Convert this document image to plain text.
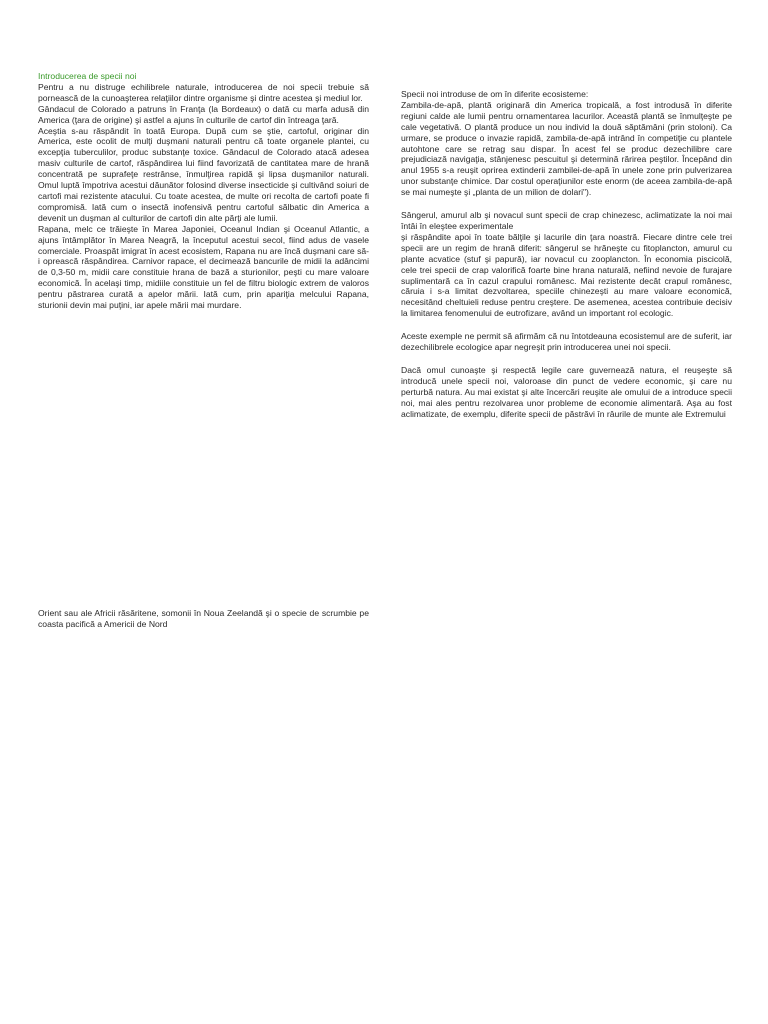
Introducerea de specii noi

Pentru a nu distruge echilibrele naturale, introducerea de noi specii trebuie să pornească de la cunoaşterea relaţiilor dintre organisme şi dintre acestea şi mediul lor.

Gândacul de Colorado a patruns în Franţa (la Bordeaux) o dată cu marfa adusă din America (ţara de origine) şi astfel a ajuns în culturile de cartof din întreaga ţară.

Aceştia s-au răspândit în toată Europa. După cum se ştie, cartoful, originar din America, este ocolit de mulţi duşmani naturali pentru că toate organele plantei, cu excepţia tuberculilor, produc substanţe toxice. Gândacul de Colorado atacă adesea masiv culturile de cartof, răspândirea lui fiind favorizată de cantitatea mare de hrană concentrată pe suprafeţe restrânse, înmulţirea rapidă şi lipsa duşmanilor naturali. Omul luptă împotriva acestui dăunător folosind diverse insecticide şi cultivând soiuri de cartofi mai rezistente atacului. Cu toate acestea, de multe ori recolta de cartofi poate fi compromisă. Iată cum o insectă inofensivă pentru cartoful sălbatic din America a devenit un duşman al culturilor de cartofi din alte părţi ale lumii.

Rapana, melc ce trăieşte în Marea Japoniei, Oceanul Indian şi Oceanul Atlantic, a ajuns întâmplător în Marea Neagră, la începutul acestui secol, fiind adus de vasele comerciale. Proaspăt imigrat în acest ecosistem, Rapana nu are încă duşmani care să-i oprească răspândirea. Carnivor rapace, el decimează bancurile de midii la adâncimi de 0,3-50 m, midii care constituie hrana de bază a sturionilor, peşti cu mare valoare economică. În acelaşi timp, midiile constituie un fel de filtru biologic extrem de valoros pentru păstrarea curată a apelor mării. Iată cum, prin apariţia melcului Rapana, sturionii devin mai puţini, iar apele mării mai murdare.

Orient sau ale Africii răsăritene, somonii în Noua Zeelandă şi o specie de scrumbie pe coasta pacifică a Americii de Nord

Specii noi introduse de om în diferite ecosisteme:

Zambila-de-apă, plantă originară din America tropicală, a fost introdusă în diferite regiuni calde ale lumii pentru ornamentarea lacurilor. Această plantă se înmulţeşte pe cale vegetativă. O plantă produce un nou individ la două săptămâni (prin stoloni). Ca urmare, se produce o invazie rapidă, zambila-de-apă intrând în competiţie cu plantele autohtone care se retrag sau dispar. În acest fel se produc dezechilibre care prejudiciază navigaţia, stânjenesc pescuitul şi determină rărirea peştilor. Începând din anul 1955 s-a reuşit oprirea extinderii zambilei-de-apă în unele zone prin pulverizarea unor substanţe chimice. Dar costul operaţiunilor este enorm (de aceea zambila-de-apă se mai numeşte şi „planta de un milion de dolari").

Sângerul, amurul alb şi novacul sunt specii de crap chinezesc, aclimatizate la noi mai întâi în eleştee experimentale

şi răspândite apoi în toate bălţile şi lacurile din ţara noastră. Fiecare dintre cele trei specii are un regim de hrană diferit: sângerul se hrăneşte cu fitoplancton, amurul cu plante acvatice (stuf şi papură), iar novacul cu zooplancton. În economia piscicolă, cele trei specii de crap valorifică foarte bine hrana naturală, nefiind nevoie de furajare suplimentară ca în cazul crapului românesc. Mai rezistente decât crapul românesc, căruia i s-a limitat dezvoltarea, speciile chinezeşti au mare valoare economică, necesitând cheltuieli reduse pentru creştere. De asemenea, acestea contribuie decisiv la limitarea fenomenului de eutrofizare, având un important rol ecologic.

Aceste exemple ne permit să afirmăm că nu întotdeauna ecosistemul are de suferit, iar dezechilibrele ecologice apar negreşit prin introducerea unei noi specii.

Dacă omul cunoaşte şi respectă legile care guvernează natura, el reuşeşte să introducă unele specii noi, valoroase din punct de vedere economic, şi care nu perturbă natura. Au mai existat şi alte încercări reuşite ale omului de a introduce specii noi, mai ales pentru rezolvarea unor probleme de economie alimentară. Aşa au fost aclimatizate, de exemplu, diferite specii de păstrăvi în râurile de munte ale Extremului
